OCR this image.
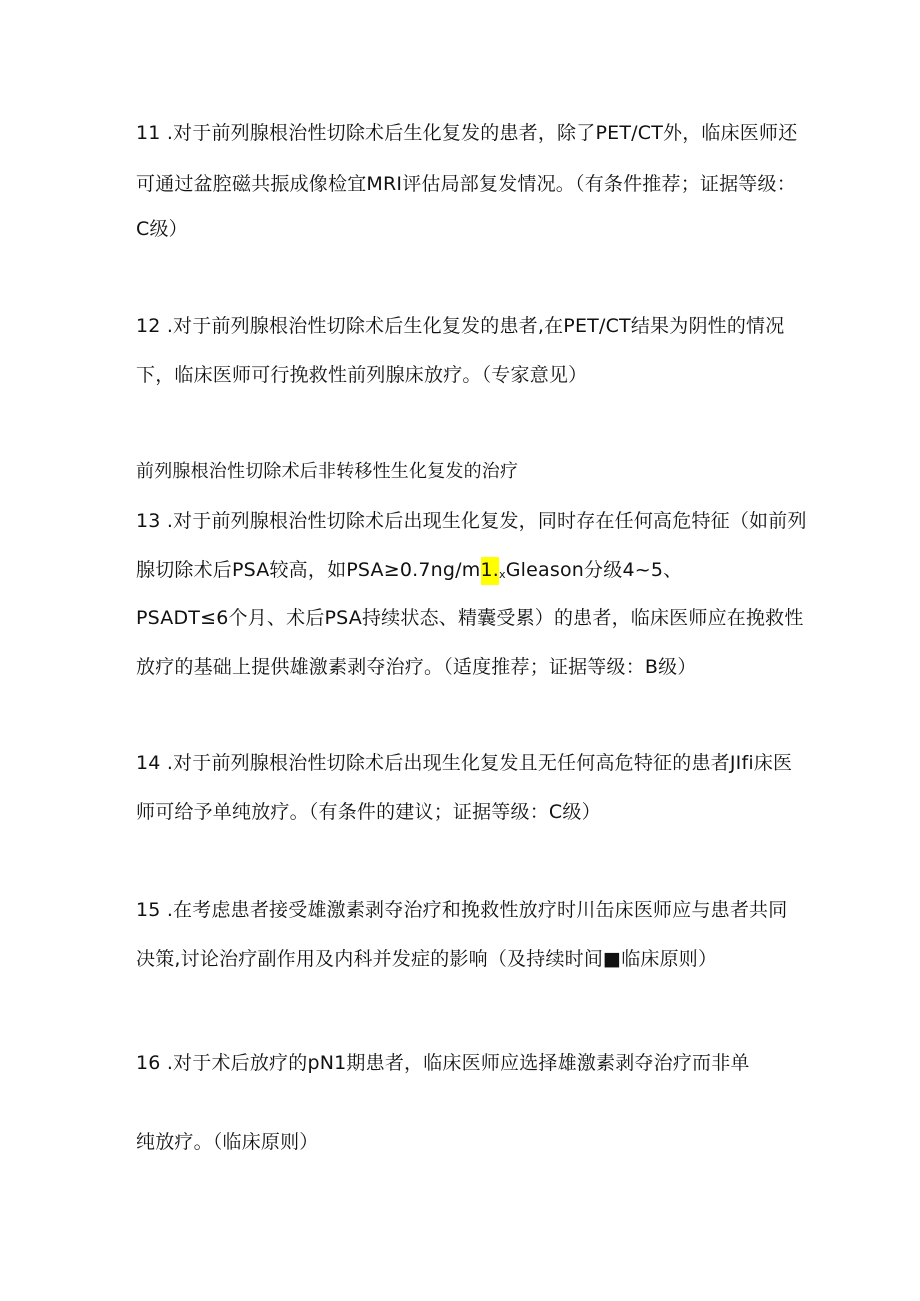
11 .对于前列腺根治性切除术后生化复发的患者，除了PET/CT外，临床医师还
可通过盆腔磁共振成像检宜MRI评估局部复发情况。（有条件推荐；证据等级：
C级）
12 .对于前列腺根治性切除术后生化复发的患者,在PET/CT结果为阴性的情况
下，临床医师可行挽救性前列腺床放疗。（专家意见）
前列腺根治性切除术后非转移性生化复发的治疗
13 .对于前列腺根治性切除术后出现生化复发，同时存在任何高危特征（如前列
腺切除术后PSA较高，如PSA≥0.7ng/m1.xGleason分级4~5、
PSADT≤6个月、术后PSA持续状态、精囊受累）的患者，临床医师应在挽救性
放疗的基础上提供雄激素剥夺治疗。（适度推荐；证据等级：B级）
14 .对于前列腺根治性切除术后出现生化复发且无任何高危特征的患者JIfi床医
师可给予单纯放疗。（有条件的建议；证据等级：C级）
15 .在考虑患者接受雄激素剥夺治疗和挽救性放疗时川缶床医师应与患者共同
决策,讨论治疗副作用及内科并发症的影响（及持续时间■临床原则）
16 .对于术后放疗的pN1期患者，临床医师应选择雄激素剥夺治疗而非单
纯放疗。（临床原则）
